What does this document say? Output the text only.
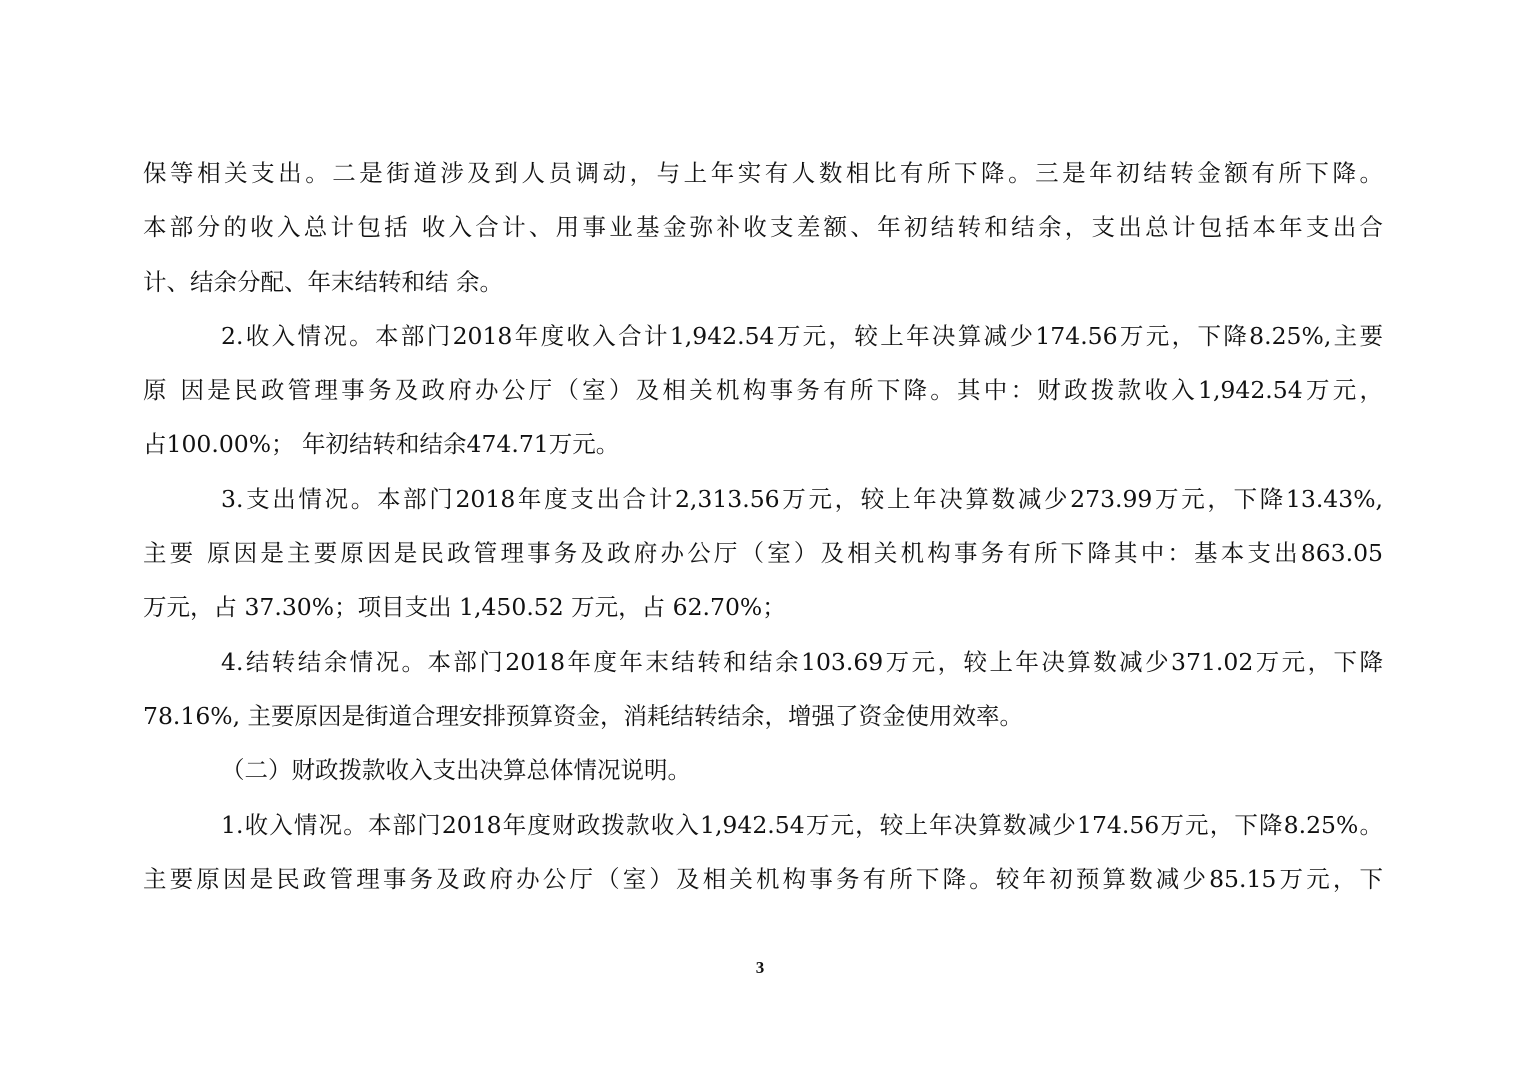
保等相关支出。二是街道涉及到人员调动，与上年实有人数相比有所下降。三是年初结转金额有所下降。
本部分的收入总计包括 收入合计、用事业基金弥补收支差额、年初结转和结余，支出总计包括本年支出合
计、结余分配、年末结转和结 余。
2.收入情况。本部门2018年度收入合计1,942.54万元，较上年决算减少174.56万元，下降8.25%,主要
原 因是民政管理事务及政府办公厅（室）及相关机构事务有所下降。其中：财政拨款收入1,942.54万元，
占100.00%； 年初结转和结余474.71万元。
3.支出情况。本部门2018年度支出合计2,313.56万元，较上年决算数减少273.99万元，下降13.43%,
主要 原因是主要原因是民政管理事务及政府办公厅（室）及相关机构事务有所下降其中：基本支出863.05
万元，占 37.30%；项目支出 1,450.52 万元，占 62.70%；
4.结转结余情况。本部门2018年度年末结转和结余103.69万元，较上年决算数减少371.02万元，下降
78.16%, 主要原因是街道合理安排预算资金，消耗结转结余，增强了资金使用效率。
（二）财政拨款收入支出决算总体情况说明。
1.收入情况。本部门2018年度财政拨款收入1,942.54万元，较上年决算数减少174.56万元，下降8.25%。
主要原因是民政管理事务及政府办公厅（室）及相关机构事务有所下降。较年初预算数减少85.15万元，下
3
